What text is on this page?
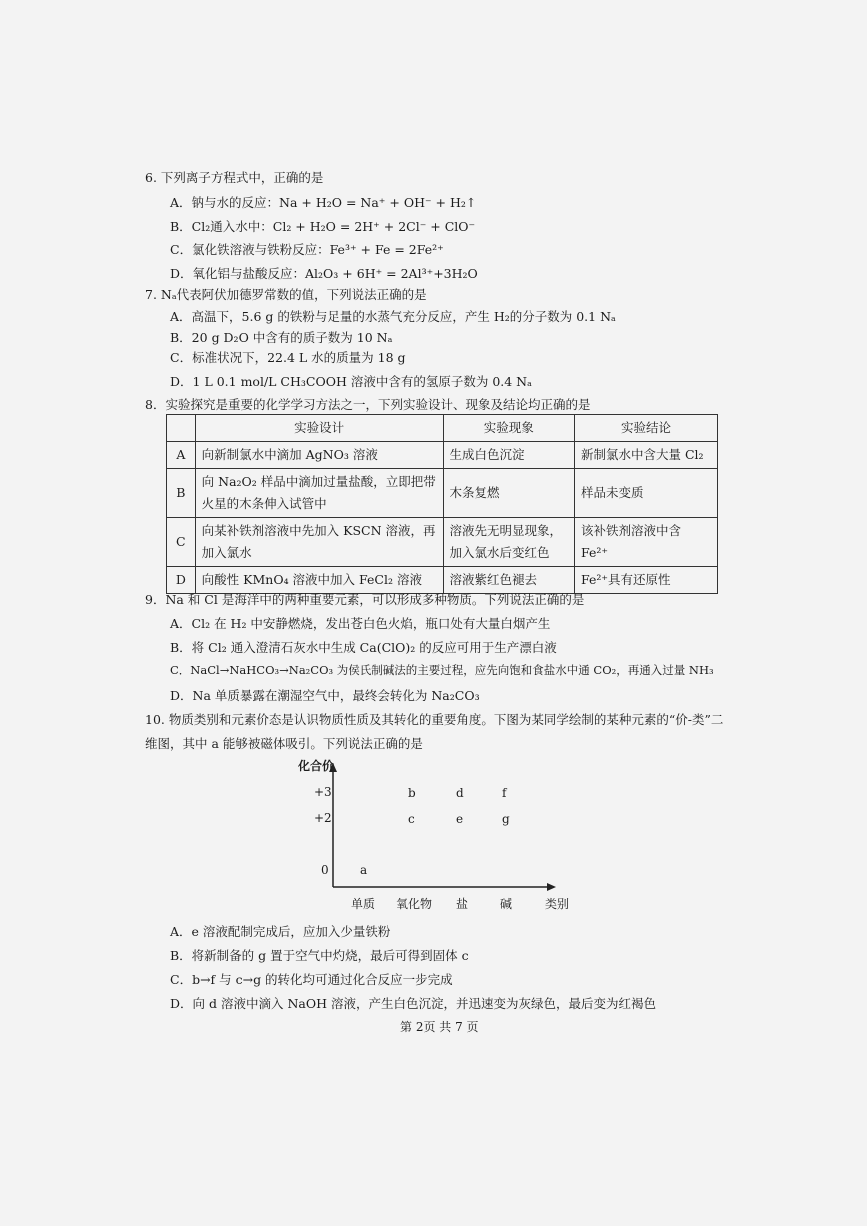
6. 下列离子方程式中，正确的是
A．钠与水的反应：Na + H₂O = Na⁺ + OH⁻ + H₂↑
B．Cl₂通入水中：Cl₂ + H₂O = 2H⁺ + 2Cl⁻ + ClO⁻
C．氯化铁溶液与铁粉反应：Fe³⁺ + Fe = 2Fe²⁺
D．氧化铝与盐酸反应：Al₂O₃ + 6H⁺ = 2Al³⁺+3H₂O
7. Nₐ代表阿伏加德罗常数的值，下列说法正确的是
A．高温下，5.6 g 的铁粉与足量的水蒸气充分反应，产生 H₂的分子数为 0.1 Nₐ
B．20 g D₂O 中含有的质子数为 10 Nₐ
C．标准状况下，22.4 L 水的质量为 18 g
D．1 L 0.1 mol/L CH₃COOH 溶液中含有的氢原子数为 0.4 Nₐ
8．实验探究是重要的化学学习方法之一，下列实验设计、现象及结论均正确的是
	实验设计	实验现象	实验结论
A	向新制氯水中滴加 AgNO₃ 溶液	生成白色沉淀	新制氯水中含大量 Cl₂
B	向 Na₂O₂ 样品中滴加过量盐酸，立即把带火星的木条伸入试管中	木条复燃	样品未变质
C	向某补铁剂溶液中先加入 KSCN 溶液，再加入氯水	溶液先无明显现象，加入氯水后变红色	该补铁剂溶液中含 Fe²⁺
D	向酸性 KMnO₄ 溶液中加入 FeCl₂ 溶液	溶液紫红色褪去	Fe²⁺具有还原性
9．Na 和 Cl 是海洋中的两种重要元素，可以形成多种物质。下列说法正确的是
A．Cl₂ 在 H₂ 中安静燃烧，发出苍白色火焰，瓶口处有大量白烟产生
B．将 Cl₂ 通入澄清石灰水中生成 Ca(ClO)₂ 的反应可用于生产漂白液
C．NaCl→NaHCO₃→Na₂CO₃ 为侯氏制碱法的主要过程，应先向饱和食盐水中通 CO₂，再通入过量 NH₃
D．Na 单质暴露在潮湿空气中，最终会转化为 Na₂CO₃
10. 物质类别和元素价态是认识物质性质及其转化的重要角度。下图为某同学绘制的某种元素的“价-类”二
维图，其中 a 能够被磁体吸引。下列说法正确的是
化合价
+3
+2
0	a
b
c
d
e
f
g
单质 氧化物 盐	碱	类别
A．e 溶液配制完成后，应加入少量铁粉
B．将新制备的 g 置于空气中灼烧，最后可得到固体 c
C．b→f 与 c→g 的转化均可通过化合反应一步完成
D．向 d 溶液中滴入 NaOH 溶液，产生白色沉淀，并迅速变为灰绿色，最后变为红褐色
第 2页 共 7 页
